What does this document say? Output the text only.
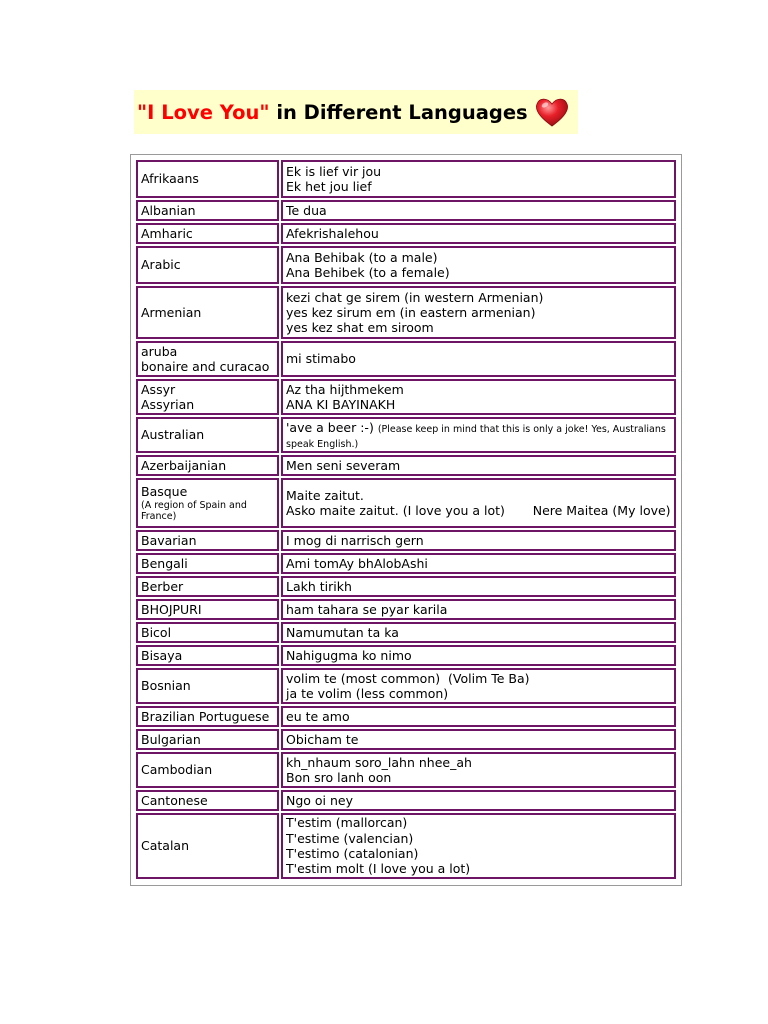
"I Love You" in Different Languages
Afrikaans	Ek is lief vir jou
Ek het jou lief

Albanian	Te dua

Amharic	Afekrishalehou

Arabic	Ana Behibak (to a male)
Ana Behibek (to a female)

Armenian	kezi chat ge sirem (in western Armenian)
yes kez sirum em (in eastern armenian)
yes kez shat em siroom

aruba
bonaire and curacao	mi stimabo

Assyr
Assyrian	Az tha hijthmekem
ANA KI BAYINAKH

Australian	'ave a beer :-) (Please keep in mind that this is only a joke! Yes, Australians speak English.)

Azerbaijanian	Men seni severam

Basque
(A region of Spain and France)	Maite zaitut.
Asko maite zaitut. (I love you a lot)       Nere Maitea (My love)

Bavarian	I mog di narrisch gern

Bengali	Ami tomAy bhAlobAshi

Berber	Lakh tirikh

BHOJPURI	ham tahara se pyar karila

Bicol	Namumutan ta ka

Bisaya	Nahigugma ko nimo

Bosnian	volim te (most common)  (Volim Te Ba)
ja te volim (less common)

Brazilian Portuguese	eu te amo

Bulgarian	Obicham te

Cambodian	kh_nhaum soro_lahn nhee_ah
Bon sro lanh oon

Cantonese	Ngo oi ney

Catalan	T'estim (mallorcan)
T'estime (valencian)
T'estimo (catalonian)
T'estim molt (I love you a lot)
